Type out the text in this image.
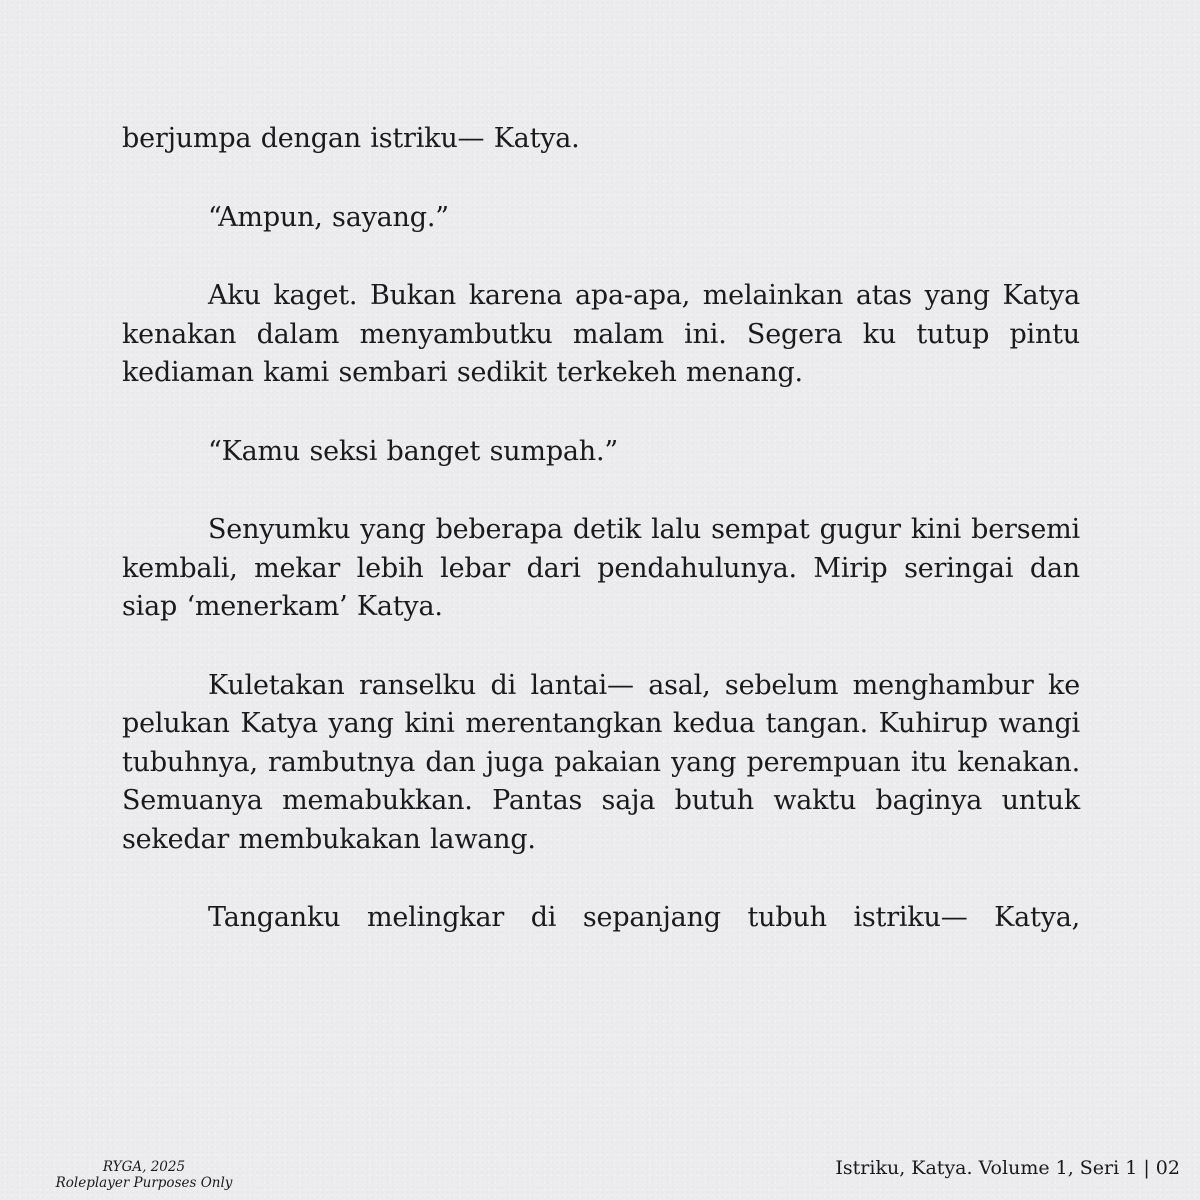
berjumpa dengan istriku— Katya.

“Ampun, sayang.”

Aku kaget. Bukan karena apa-apa, melainkan atas yang Katya kenakan dalam menyambutku malam ini. Segera ku tutup pintu kediaman kami sembari sedikit terkekeh menang.

“Kamu seksi banget sumpah.”

Senyumku yang beberapa detik lalu sempat gugur kini bersemi kembali, mekar lebih lebar dari pendahulunya. Mirip seringai dan siap ‘menerkam’ Katya.

Kuletakan ranselku di lantai— asal, sebelum menghambur ke pelukan Katya yang kini merentangkan kedua tangan. Kuhirup wangi tubuhnya, rambutnya dan juga pakaian yang perempuan itu kenakan. Semuanya memabukkan. Pantas saja butuh waktu baginya untuk sekedar membukakan lawang.

Tanganku melingkar di sepanjang tubuh istriku— Katya,

RYGA, 2025
Roleplayer Purposes Only
Istriku, Katya. Volume 1, Seri 1 | 02
